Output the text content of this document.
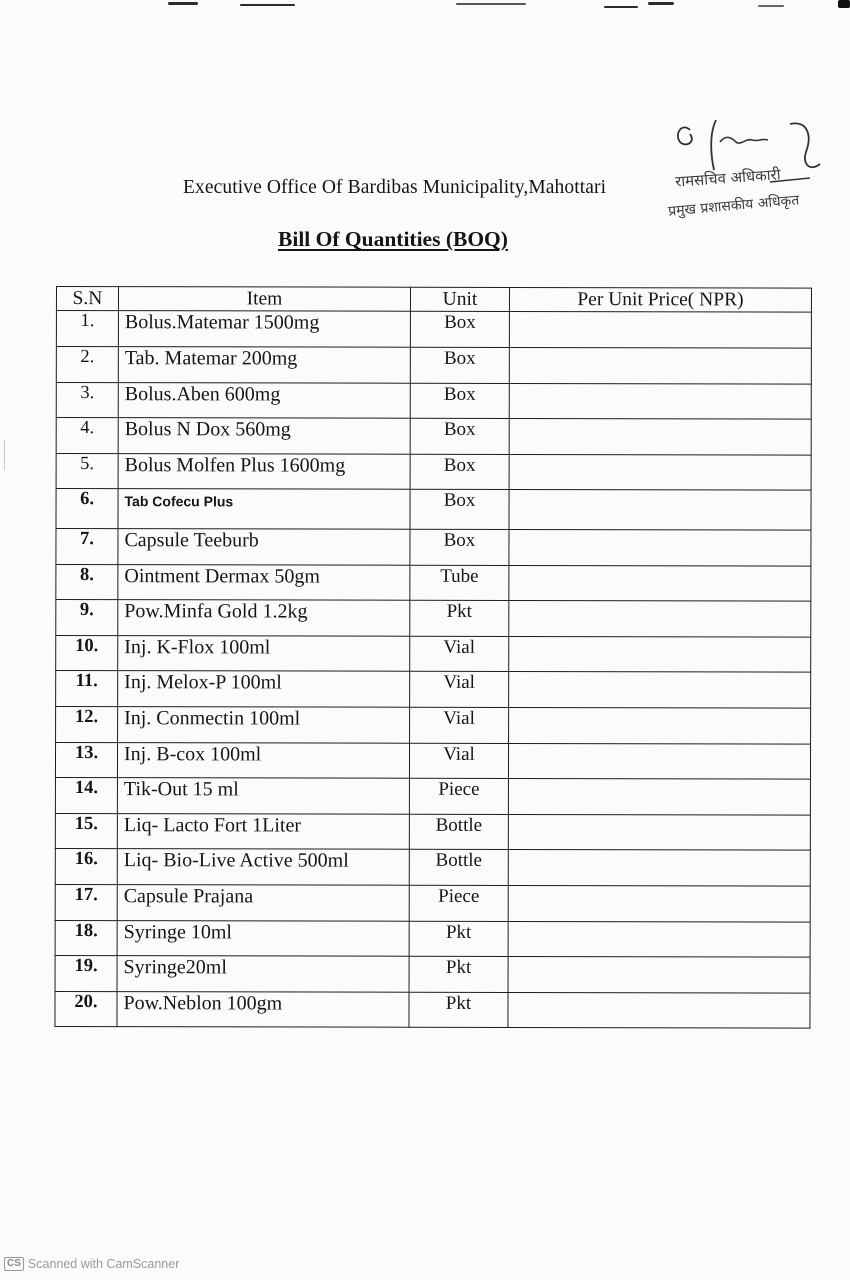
Executive Office Of Bardibas Municipality,Mahottari	रामसचिव अधिकारी
प्रमुख प्रशासकीय अधिकृत
Bill Of Quantities (BOQ)
S.N	Item	Unit	Per Unit Price( NPR)
1.	Bolus.Matemar 1500mg	Box	
2.	Tab. Matemar 200mg	Box	
3.	Bolus.Aben 600mg	Box	
4.	Bolus N Dox 560mg	Box	
5.	Bolus Molfen Plus 1600mg	Box	
6.	Tab Cofecu Plus	Box	
7.	Capsule Teeburb	Box	
8.	Ointment Dermax 50gm	Tube	
9.	Pow.Minfa Gold 1.2kg	Pkt	
10.	Inj. K-Flox 100ml	Vial	
11.	Inj. Melox-P 100ml	Vial	
12.	Inj. Conmectin 100ml	Vial	
13.	Inj. B-cox 100ml	Vial	
14.	Tik-Out 15 ml	Piece	
15.	Liq- Lacto Fort 1Liter	Bottle	
16.	Liq- Bio-Live Active 500ml	Bottle	
17.	Capsule Prajana	Piece	
18.	Syringe 10ml	Pkt	
19.	Syringe20ml	Pkt	
20.	Pow.Neblon 100gm	Pkt	
CS Scanned with CamScanner
